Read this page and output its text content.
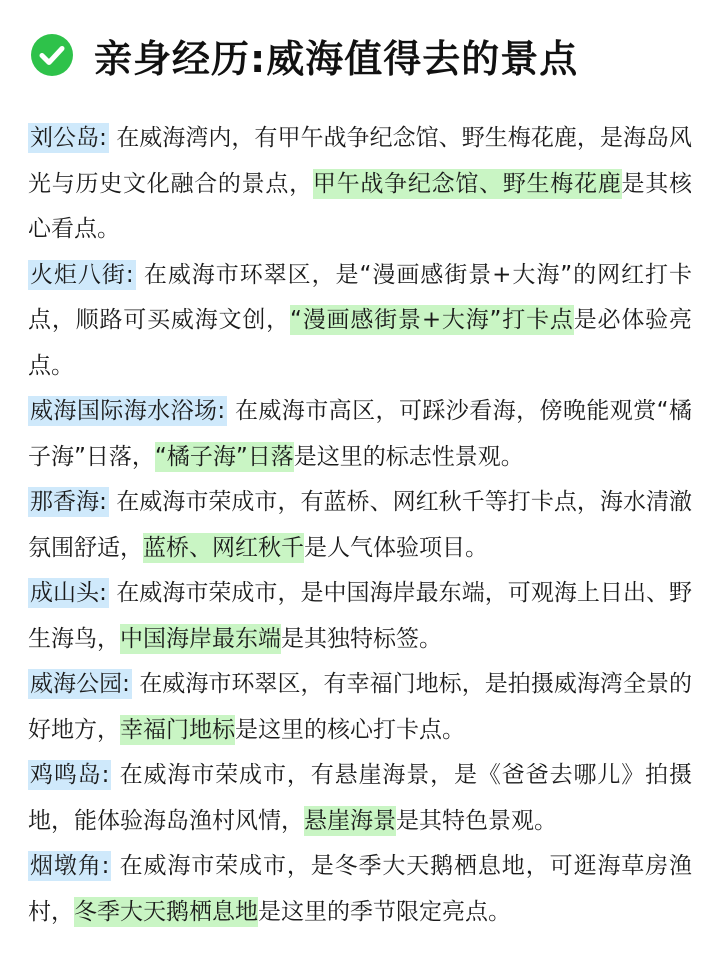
亲身经历:威海值得去的景点

刘公岛: 在威海湾内，有甲午战争纪念馆、野生梅花鹿，是海岛风光与历史文化融合的景点，甲午战争纪念馆、野生梅花鹿是其核心看点。

火炬八街: 在威海市环翠区，是“漫画感街景+大海”的网红打卡点，顺路可买威海文创，“漫画感街景+大海”打卡点是必体验亮点。

威海国际海水浴场: 在威海市高区，可踩沙看海，傍晚能观赏“橘子海”日落，“橘子海”日落是这里的标志性景观。

那香海: 在威海市荣成市，有蓝桥、网红秋千等打卡点，海水清澈氛围舒适，蓝桥、网红秋千是人气体验项目。

成山头: 在威海市荣成市，是中国海岸最东端，可观海上日出、野生海鸟，中国海岸最东端是其独特标签。

威海公园: 在威海市环翠区，有幸福门地标，是拍摄威海湾全景的好地方，幸福门地标是这里的核心打卡点。

鸡鸣岛: 在威海市荣成市，有悬崖海景，是《爸爸去哪儿》拍摄地，能体验海岛渔村风情，悬崖海景是其特色景观。

烟墩角: 在威海市荣成市，是冬季大天鹅栖息地，可逛海草房渔村，冬季大天鹅栖息地是这里的季节限定亮点。
